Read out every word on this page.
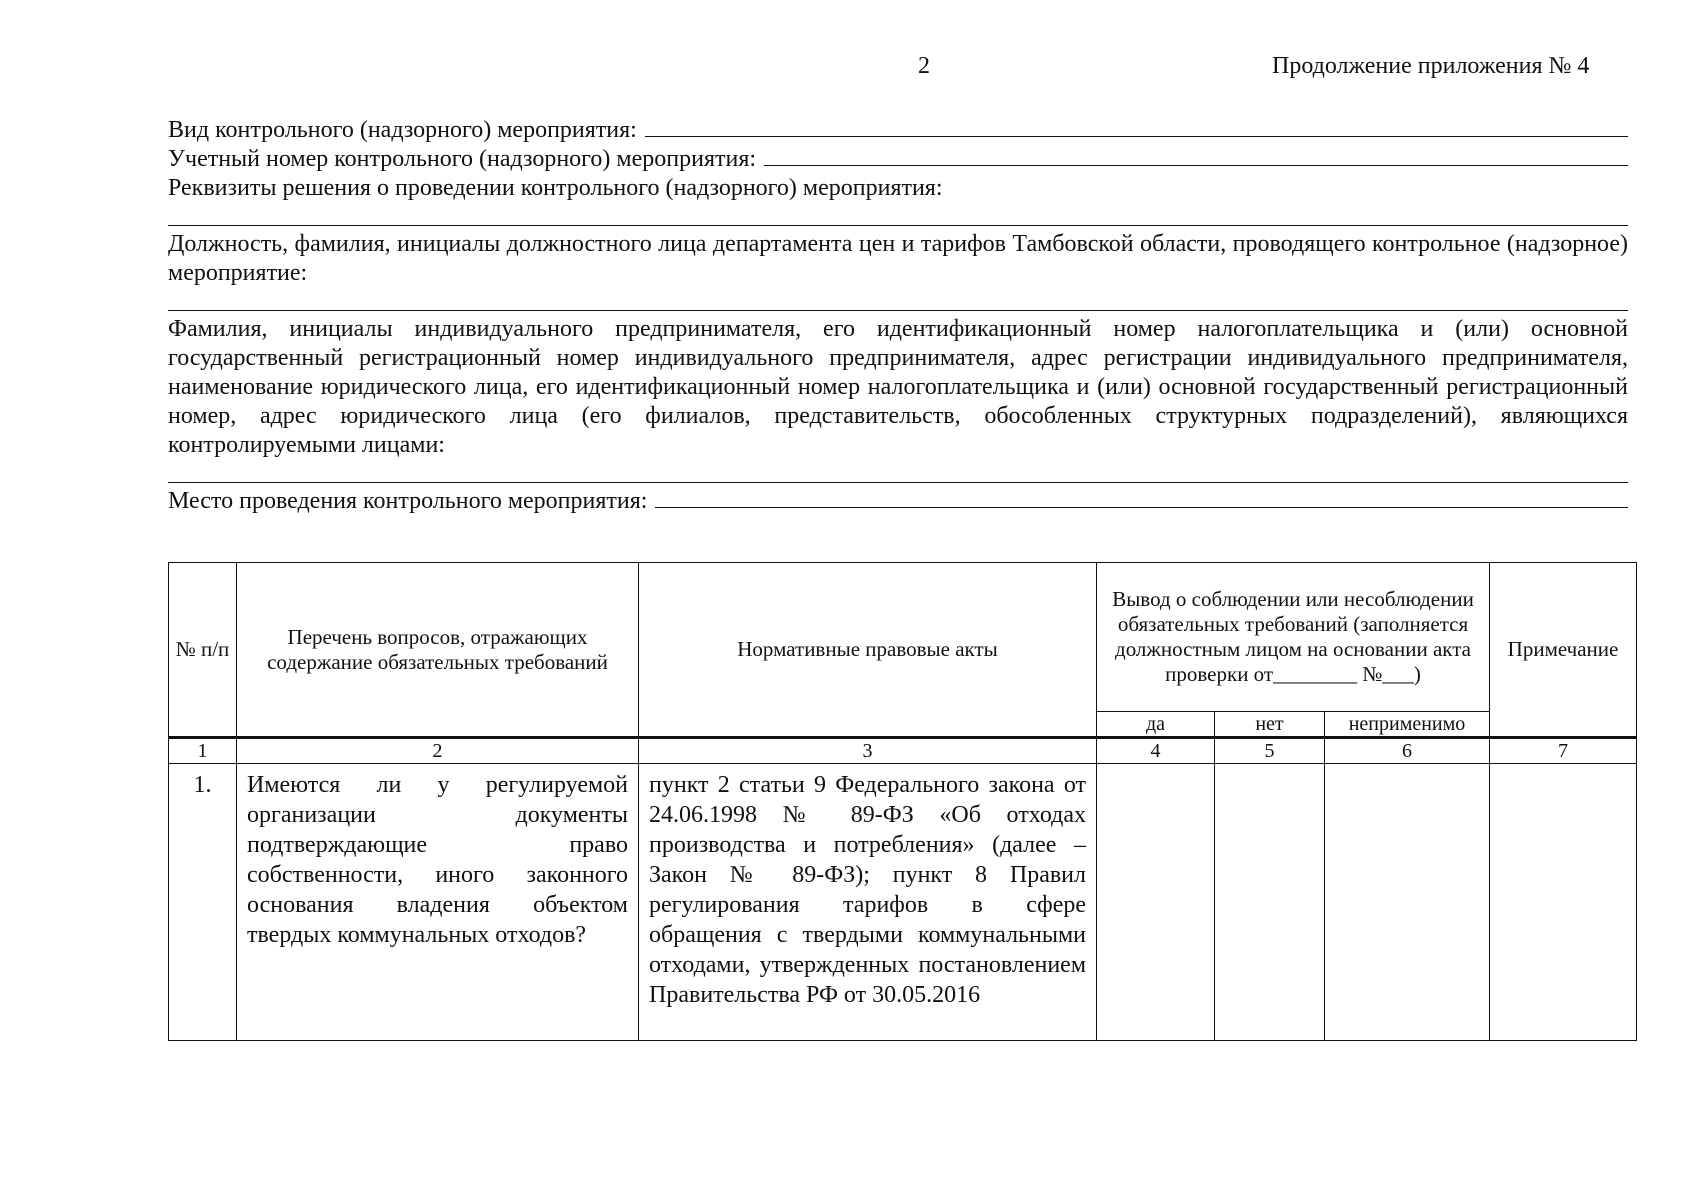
2	Продолжение приложения № 4
Вид контрольного (надзорного) мероприятия:
Учетный номер контрольного (надзорного) мероприятия:
Реквизиты решения о проведении контрольного (надзорного) мероприятия:
Должность, фамилия, инициалы должностного лица департамента цен и тарифов Тамбовской области, проводящего контрольное (надзорное) мероприятие:
Фамилия, инициалы индивидуального предпринимателя, его идентификационный номер налогоплательщика и (или) основной государственный регистрационный номер индивидуального предпринимателя, адрес регистрации индивидуального предпринимателя, наименование юридического лица, его идентификационный номер налогоплательщика и (или) основной государственный регистрационный номер, адрес юридического лица (его филиалов, представительств, обособленных структурных подразделений), являющихся контролируемыми лицами:
Место проведения контрольного мероприятия:
№ п/п	Перечень вопросов, отражающих содержание обязательных требований	Нормативные правовые акты	Вывод о соблюдении или несоблюдении обязательных требований (заполняется должностным лицом на основании акта проверки от________ №___)			Примечание
			да	нет	неприменимо	
1	2	3	4	5	6	7
1.	Имеются ли у регулируемой организации документы подтверждающие право собственности, иного законного основания владения объектом твердых коммунальных отходов?	пункт 2 статьи 9 Федерального закона от 24.06.1998 № 89-ФЗ «Об отходах производства и потребления» (далее – Закон № 89-ФЗ); пункт 8 Правил регулирования тарифов в сфере обращения с твердыми коммунальными отходами, утвержденных постановлением Правительства РФ от 30.05.2016				
